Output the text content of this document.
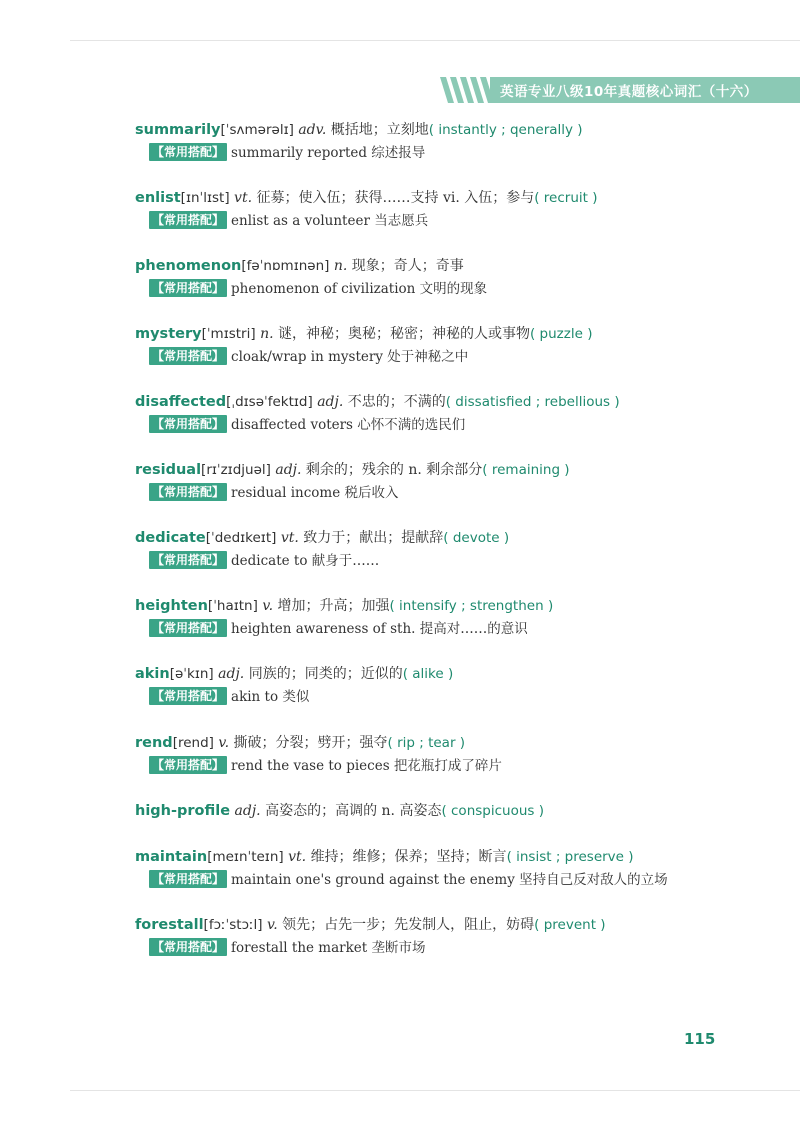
英语专业八级10年真题核心词汇（十六）
summarily[ˈsʌmərəlɪ] adv. 概括地；立刻地( instantly ; qenerally )
【常用搭配】 summarily reported 综述报导
enlist[ɪnˈlɪst] vt. 征募；使入伍；获得……支持 vi. 入伍；参与( recruit )
【常用搭配】 enlist as a volunteer 当志愿兵
phenomenon[fəˈnɒmɪnən] n. 现象；奇人；奇事
【常用搭配】 phenomenon of civilization 文明的现象
mystery[ˈmɪstri] n. 谜，神秘；奥秘；秘密；神秘的人或事物( puzzle )
【常用搭配】 cloak/wrap in mystery 处于神秘之中
disaffected[ˌdɪsəˈfektɪd] adj. 不忠的；不满的( dissatisfied ; rebellious )
【常用搭配】 disaffected voters 心怀不满的选民们
residual[rɪˈzɪdjuəl] adj. 剩余的；残余的 n. 剩余部分( remaining )
【常用搭配】 residual income 税后收入
dedicate[ˈdedɪkeɪt] vt. 致力于；献出；提献辞( devote )
【常用搭配】 dedicate to 献身于……
heighten[ˈhaɪtn] v. 增加；升高；加强( intensify ; strengthen )
【常用搭配】 heighten awareness of sth. 提高对……的意识
akin[əˈkɪn] adj. 同族的；同类的；近似的( alike )
【常用搭配】 akin to 类似
rend[rend] v. 撕破；分裂；劈开；强夺( rip ; tear )
【常用搭配】 rend the vase to pieces 把花瓶打成了碎片
high-profile adj. 高姿态的；高调的 n. 高姿态( conspicuous )
maintain[meɪnˈteɪn] vt. 维持；维修；保养；坚持；断言( insist ; preserve )
【常用搭配】 maintain one's ground against the enemy 坚持自己反对敌人的立场
forestall[fɔːˈstɔːl] v. 领先；占先一步；先发制人，阻止，妨碍( prevent )
【常用搭配】 forestall the market 垄断市场
115
